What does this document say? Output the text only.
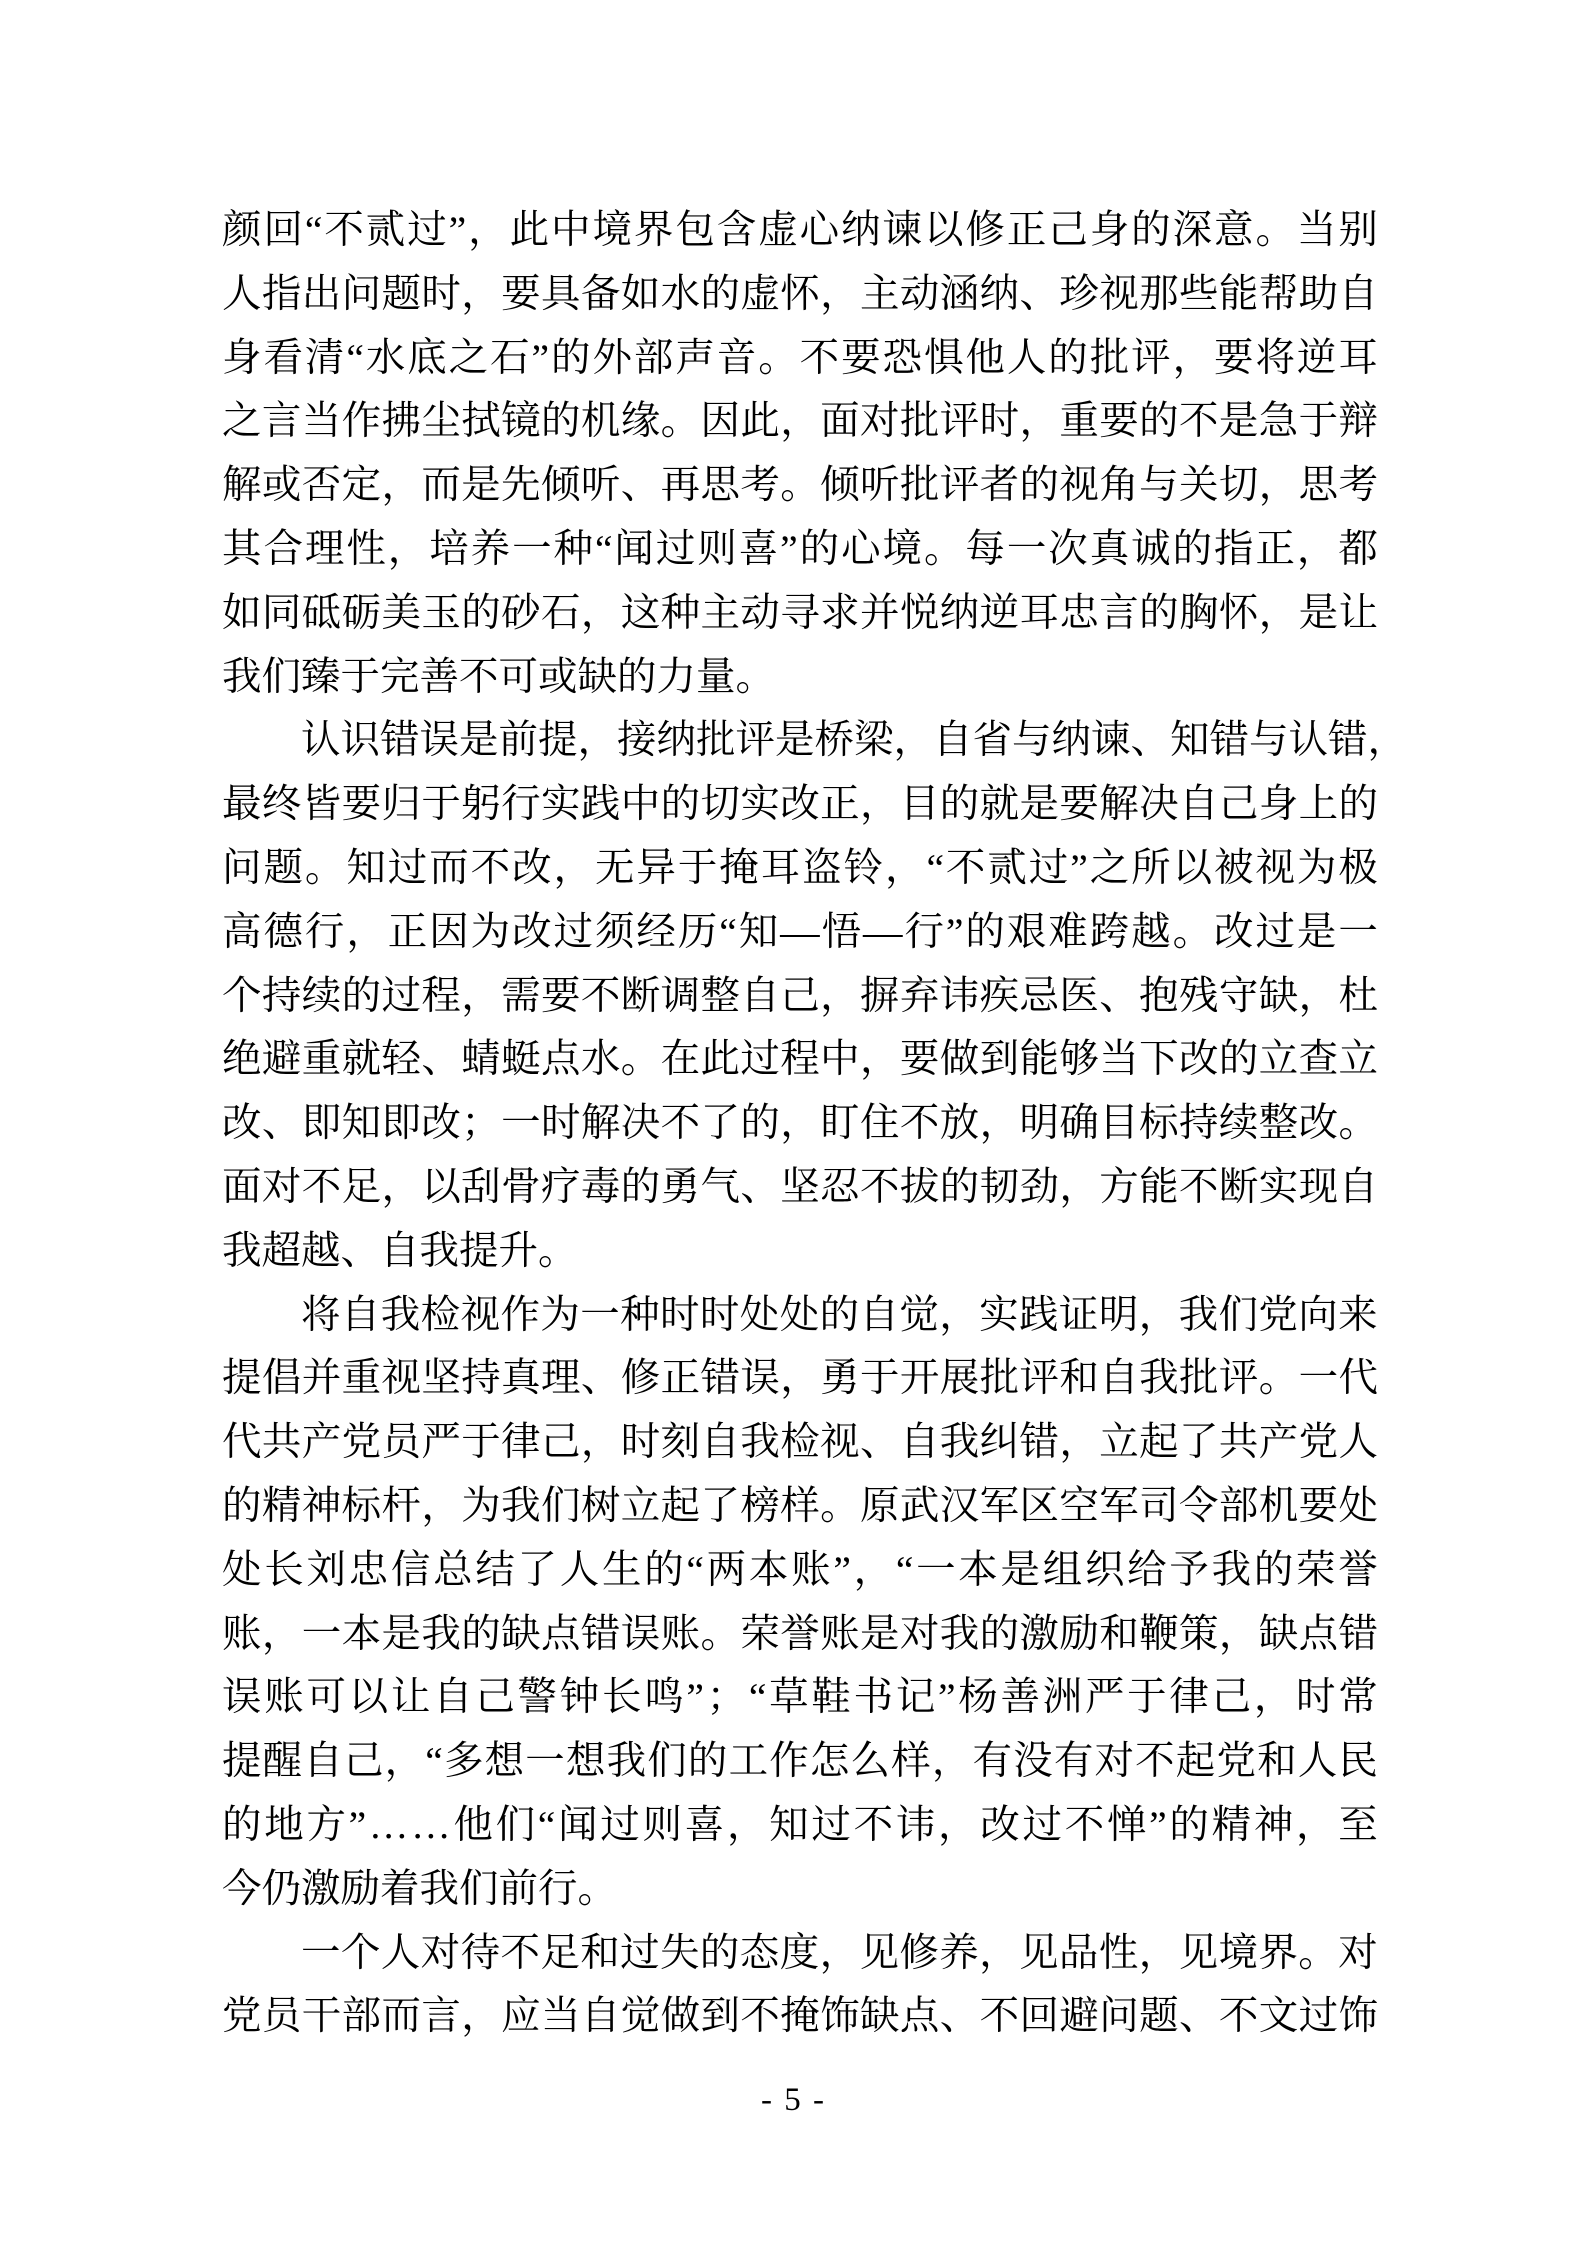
颜 回 “ 不 贰 过 ” ， 此 中 境 界 包 含 虚 心 纳 谏 以 修 正 己 身 的 深 意 。 当 别
人 指 出 问 题 时 ， 要 具 备 如 水 的 虚 怀 ， 主 动 涵 纳 、 珍 视 那 些 能 帮 助 自
身 看 清 “ 水 底 之 石 ” 的 外 部 声 音 。 不 要 恐 惧 他 人 的 批 评 ， 要 将 逆 耳
之 言 当 作 拂 尘 拭 镜 的 机 缘 。 因 此 ， 面 对 批 评 时 ， 重 要 的 不 是 急 于 辩
解 或 否 定 ， 而 是 先 倾 听 、 再 思 考 。 倾 听 批 评 者 的 视 角 与 关 切 ， 思 考
其 合 理 性 ， 培 养 一 种 “ 闻 过 则 喜 ” 的 心 境 。 每 一 次 真 诚 的 指 正 ， 都
如 同 砥 砺 美 玉 的 砂 石 ， 这 种 主 动 寻 求 并 悦 纳 逆 耳 忠 言 的 胸 怀 ， 是 让
我们臻于完善不可或缺的力量。
认 识 错 误 是 前 提 ， 接 纳 批 评 是 桥 梁 ， 自 省 与 纳 谏 、 知 错 与 认 错 ，
最 终 皆 要 归 于 躬 行 实 践 中 的 切 实 改 正 ， 目 的 就 是 要 解 决 自 己 身 上 的
问 题 。 知 过 而 不 改 ， 无 异 于 掩 耳 盗 铃 ， “ 不 贰 过 ” 之 所 以 被 视 为 极
高 德 行 ， 正 因 为 改 过 须 经 历 “ 知 — 悟 — 行 ” 的 艰 难 跨 越 。 改 过 是 一
个 持 续 的 过 程 ， 需 要 不 断 调 整 自 己 ， 摒 弃 讳 疾 忌 医 、 抱 残 守 缺 ， 杜
绝 避 重 就 轻 、 蜻 蜓 点 水 。 在 此 过 程 中 ， 要 做 到 能 够 当 下 改 的 立 查 立
改 、 即 知 即 改 ； 一 时 解 决 不 了 的 ， 盯 住 不 放 ， 明 确 目 标 持 续 整 改 。
面 对 不 足 ， 以 刮 骨 疗 毒 的 勇 气 、 坚 忍 不 拔 的 韧 劲 ， 方 能 不 断 实 现 自
我超越、自我提升。
将 自 我 检 视 作 为 一 种 时 时 处 处 的 自 觉 ， 实 践 证 明 ， 我 们 党 向 来
提 倡 并 重 视 坚 持 真 理 、 修 正 错 误 ， 勇 于 开 展 批 评 和 自 我 批 评 。 一 代
代 共 产 党 员 严 于 律 己 ， 时 刻 自 我 检 视 、 自 我 纠 错 ， 立 起 了 共 产 党 人
的 精 神 标 杆 ， 为 我 们 树 立 起 了 榜 样 。 原 武 汉 军 区 空 军 司 令 部 机 要 处
处 长 刘 忠 信 总 结 了 人 生 的 “ 两 本 账 ” ， “ 一 本 是 组 织 给 予 我 的 荣 誉
账 ， 一 本 是 我 的 缺 点 错 误 账 。 荣 誉 账 是 对 我 的 激 励 和 鞭 策 ， 缺 点 错
误 账 可 以 让 自 己 警 钟 长 鸣 ” ； “ 草 鞋 书 记 ” 杨 善 洲 严 于 律 己 ， 时 常
提 醒 自 己 ， “ 多 想 一 想 我 们 的 工 作 怎 么 样 ， 有 没 有 对 不 起 党 和 人 民
的 地 方 ” … … 他 们 “ 闻 过 则 喜 ， 知 过 不 讳 ， 改 过 不 惮 ” 的 精 神 ， 至
今仍激励着我们前行。
一 个 人 对 待 不 足 和 过 失 的 态 度 ， 见 修 养 ， 见 品 性 ， 见 境 界 。 对
党 员 干 部 而 言 ， 应 当 自 觉 做 到 不 掩 饰 缺 点 、 不 回 避 问 题 、 不 文 过 饰
- 5 -
